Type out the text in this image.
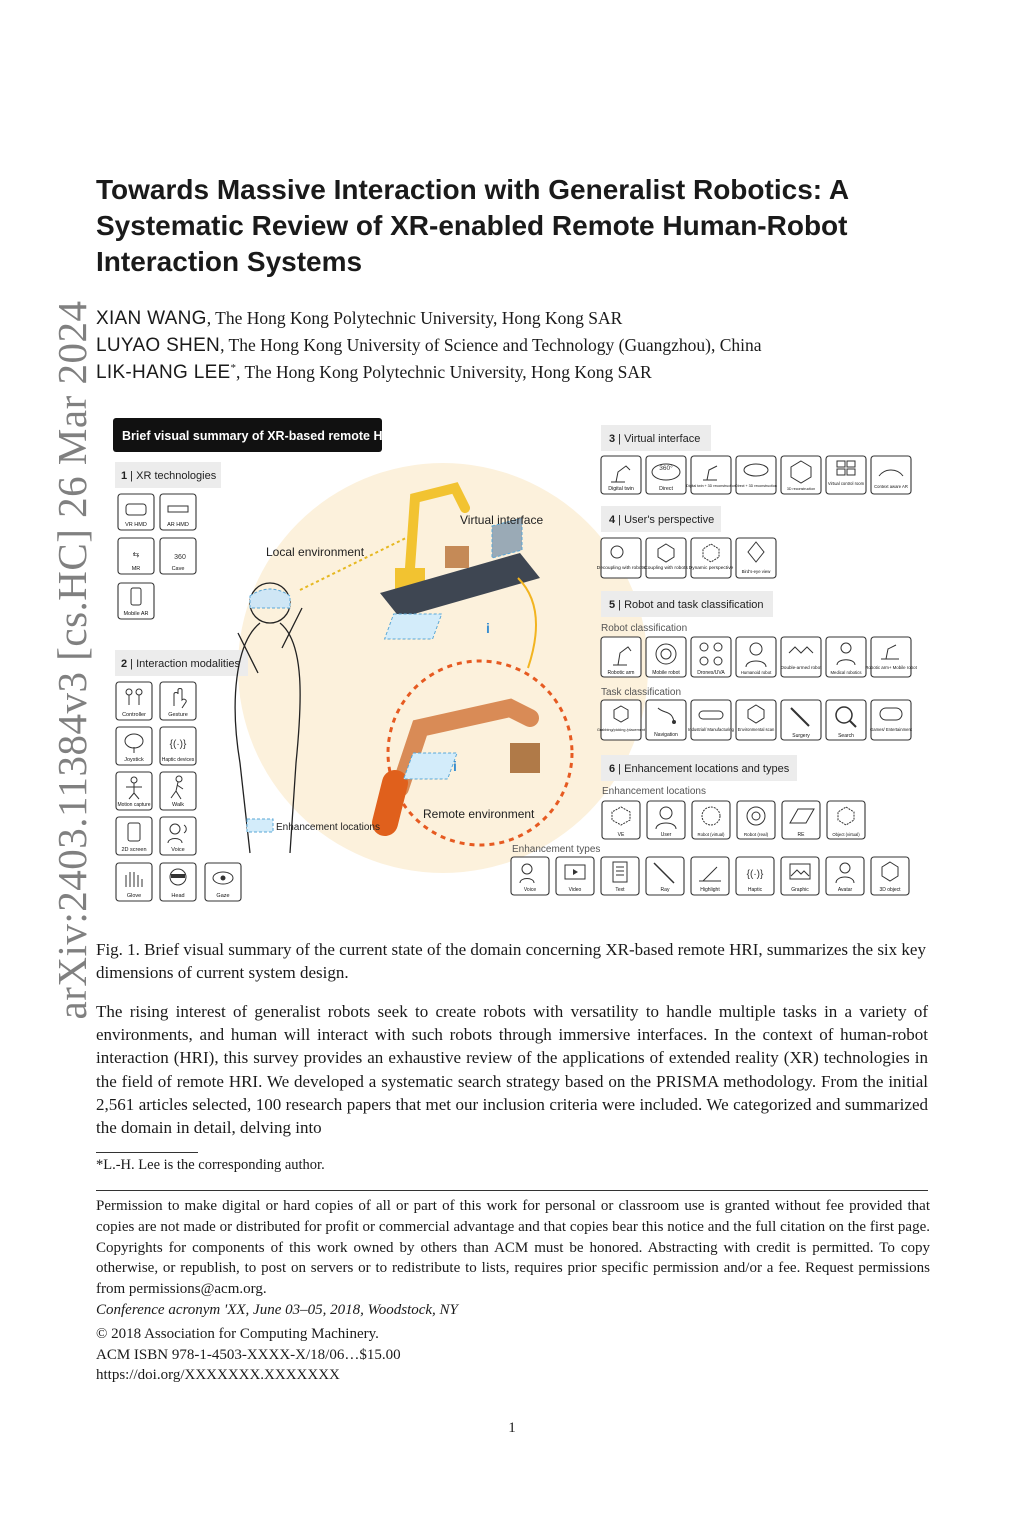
arXiv:2403.11384v3 [cs.HC] 26 Mar 2024
Towards Massive Interaction with Generalist Robotics: A Systematic Review of XR-enabled Remote Human-Robot Interaction Systems
XIAN WANG, The Hong Kong Polytechnic University, Hong Kong SAR
LUYAO SHEN, The Hong Kong University of Science and Technology (Guangzhou), China
LIK-HANG LEE*, The Hong Kong Polytechnic University, Hong Kong SAR
Brief visual summary of XR-based remote HRI
1 | XR technologies
2 | Interaction modalities
3 | Virtual interface
4 | User's perspective
5 | Robot and task classification
6 | Enhancement locations and types
Robot classification
Task classification
Enhancement locations
Enhancement types
VR HMD	AR HMD
⇆
MR
360
Cave
Mobile AR
Controller	Gesture
Joystick
{(·)}
Haptic devices
Motion capture	Walk
2D screen	Voice
Glove	Head	Gaze
Digital twin
360°
Direct	Digital twin + 3D reconstruction Direct + 3D reconstruction
3D reconstruction
Virtual control room
Context aware AR
Decoupling with robots Coupling with robots Dynamic perspective
Bird's-eye view
Robotic arm	Mobile robot	Drones/UVA	Humanoid robot
Double-armed robot
Medical robotics
Robotic arm+ Mobile robot
Grabbing/picking /placement
Navigation
Industrial/ Manufacturing Environmental scan
Surgery	Search
Games/ Entertainment
VE	User	Robot (virtual)	Robot (real)	RE	Object (virtual)
Voice	Video	Text	Ray	Highlight
{(·)}
Haptic	Graphic	Avatar	3D object
i
i
Local environment
Virtual interface
Remote environment
Enhancement locations
Fig. 1. Brief visual summary of the current state of the domain concerning XR-based remote HRI, summarizes the six key dimensions of current system design.
The rising interest of generalist robots seek to create robots with versatility to handle multiple tasks in a variety of environments, and human will interact with such robots through immersive interfaces. In the context of human-robot interaction (HRI), this survey provides an exhaustive review of the applications of extended reality (XR) technologies in the field of remote HRI. We developed a systematic search strategy based on the PRISMA methodology. From the initial 2,561 articles selected, 100 research papers that met our inclusion criteria were included. We categorized and summarized the domain in detail, delving into
*L.-H. Lee is the corresponding author.
Permission to make digital or hard copies of all or part of this work for personal or classroom use is granted without fee provided that copies are not made or distributed for profit or commercial advantage and that copies bear this notice and the full citation on the first page. Copyrights for components of this work owned by others than ACM must be honored. Abstracting with credit is permitted. To copy otherwise, or republish, to post on servers or to redistribute to lists, requires prior specific permission and/or a fee. Request permissions from permissions@acm.org.
Conference acronym 'XX, June 03–05, 2018, Woodstock, NY
© 2018 Association for Computing Machinery.
ACM ISBN 978-1-4503-XXXX-X/18/06…$15.00
https://doi.org/XXXXXXX.XXXXXXX
1
